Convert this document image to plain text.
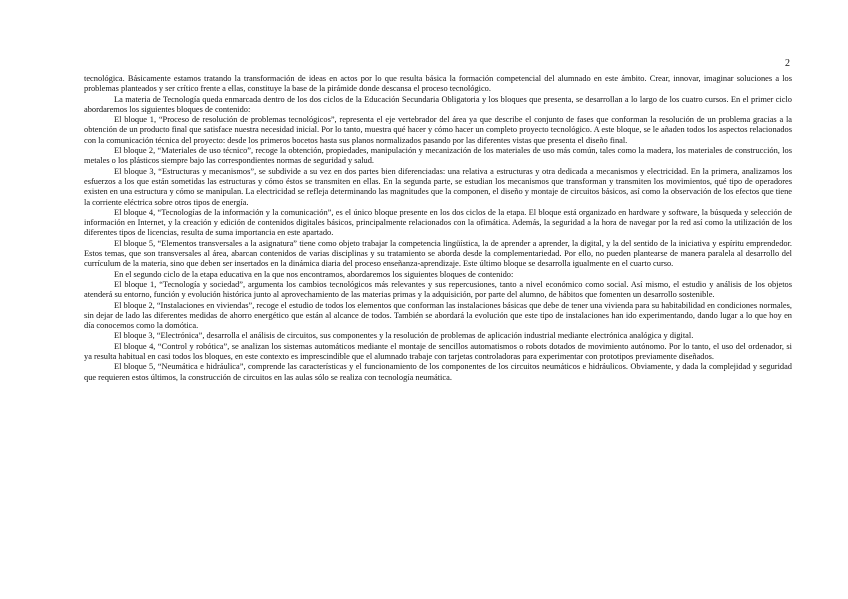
2

tecnológica. Básicamente estamos tratando la transformación de ideas en actos por lo que resulta básica la formación competencial del alumnado en este ámbito. Crear, innovar, imaginar soluciones a los problemas planteados y ser crítico frente a ellas, constituye la base de la pirámide donde descansa el proceso tecnológico.

La materia de Tecnología queda enmarcada dentro de los dos ciclos de la Educación Secundaria Obligatoria y los bloques que presenta, se desarrollan a lo largo de los cuatro cursos. En el primer ciclo abordaremos los siguientes bloques de contenido:

El bloque 1, “Proceso de resolución de problemas tecnológicos”, representa el eje vertebrador del área ya que describe el conjunto de fases que conforman la resolución de un problema gracias a la obtención de un producto final que satisface nuestra necesidad inicial. Por lo tanto, muestra qué hacer y cómo hacer un completo proyecto tecnológico. A este bloque, se le añaden todos los aspectos relacionados con la comunicación técnica del proyecto: desde los primeros bocetos hasta sus planos normalizados pasando por las diferentes vistas que presenta el diseño final.

El bloque 2, “Materiales de uso técnico”, recoge la obtención, propiedades, manipulación y mecanización de los materiales de uso más común, tales como la madera, los materiales de construcción, los metales o los plásticos siempre bajo las correspondientes normas de seguridad y salud.

El bloque 3, “Estructuras y mecanismos”, se subdivide a su vez en dos partes bien diferenciadas: una relativa a estructuras y otra dedicada a mecanismos y electricidad. En la primera, analizamos los esfuerzos a los que están sometidas las estructuras y cómo éstos se transmiten en ellas. En la segunda parte, se estudian los mecanismos que transforman y transmiten los movimientos, qué tipo de operadores existen en una estructura y cómo se manipulan. La electricidad se refleja determinando las magnitudes que la componen, el diseño y montaje de circuitos básicos, así como la observación de los efectos que tiene la corriente eléctrica sobre otros tipos de energía.

El bloque 4, “Tecnologías de la información y la comunicación”, es el único bloque presente en los dos ciclos de la etapa. El bloque está organizado en hardware y software, la búsqueda y selección de información en Internet, y la creación y edición de contenidos digitales básicos, principalmente relacionados con la ofimática. Además, la seguridad a la hora de navegar por la red así como la utilización de los diferentes tipos de licencias, resulta de suma importancia en este apartado.

El bloque 5, “Elementos transversales a la asignatura” tiene como objeto trabajar la competencia lingüística, la de aprender a aprender, la digital, y la del sentido de la iniciativa y espíritu emprendedor. Estos temas, que son transversales al área, abarcan contenidos de varias disciplinas y su tratamiento se aborda desde la complementariedad. Por ello, no pueden plantearse de manera paralela al desarrollo del currículum de la materia, sino que deben ser insertados en la dinámica diaria del proceso enseñanza-aprendizaje. Este último bloque se desarrolla igualmente en el cuarto curso.

En el segundo ciclo de la etapa educativa en la que nos encontramos, abordaremos los siguientes bloques de contenido:

El bloque 1, “Tecnología y sociedad”, argumenta los cambios tecnológicos más relevantes y sus repercusiones, tanto a nivel económico como social. Así mismo, el estudio y análisis de los objetos atenderá su entorno, función y evolución histórica junto al aprovechamiento de las materias primas y la adquisición, por parte del alumno, de hábitos que fomenten un desarrollo sostenible.

El bloque 2, “Instalaciones en viviendas”, recoge el estudio de todos los elementos que conforman las instalaciones básicas que debe de tener una vivienda para su habitabilidad en condiciones normales, sin dejar de lado las diferentes medidas de ahorro energético que están al alcance de todos. También se abordará la evolución que este tipo de instalaciones han ido experimentando, dando lugar a lo que hoy en día conocemos como la domótica.

El bloque 3, “Electrónica”, desarrolla el análisis de circuitos, sus componentes y la resolución de problemas de aplicación industrial mediante electrónica analógica y digital.

El bloque 4, “Control y robótica”, se analizan los sistemas automáticos mediante el montaje de sencillos automatismos o robots dotados de movimiento autónomo. Por lo tanto, el uso del ordenador, si ya resulta habitual en casi todos los bloques, en este contexto es imprescindible que el alumnado trabaje con tarjetas controladoras para experimentar con prototipos previamente diseñados.

El bloque 5, “Neumática e hidráulica”, comprende las características y el funcionamiento de los componentes de los circuitos neumáticos e hidráulicos. Obviamente, y dada la complejidad y seguridad que requieren estos últimos, la construcción de circuitos en las aulas sólo se realiza con tecnología neumática.
